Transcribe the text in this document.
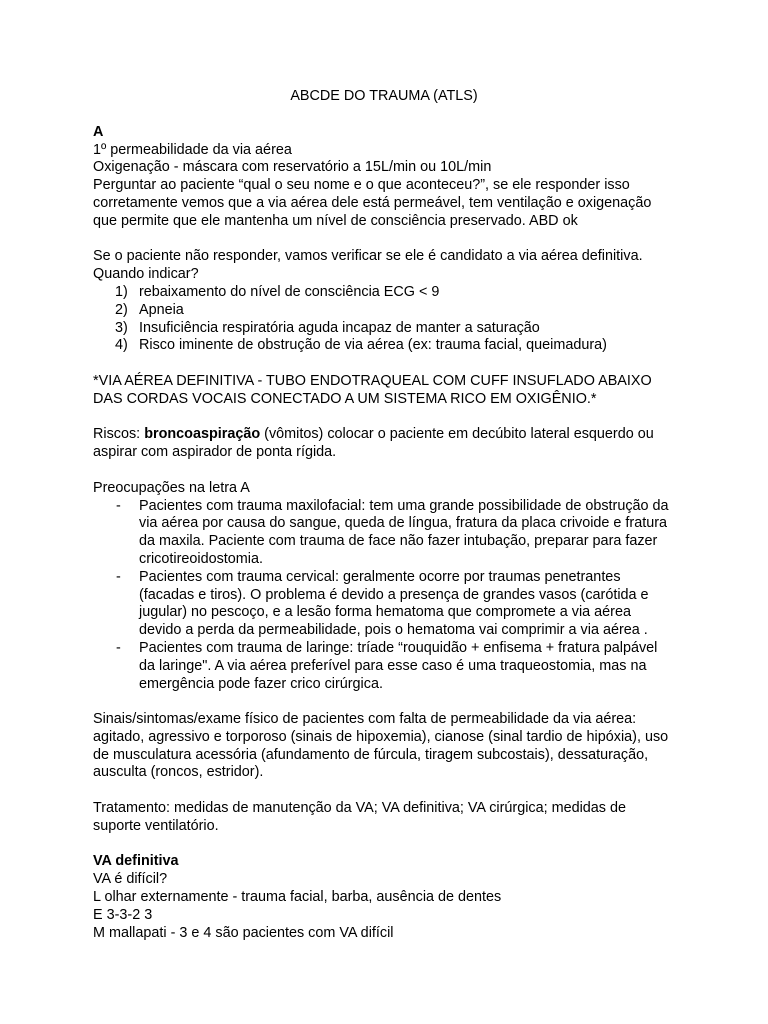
ABCDE DO TRAUMA (ATLS)

A

1º permeabilidade da via aérea

Oxigenação - máscara com reservatório a 15L/min ou 10L/min

Perguntar ao paciente “qual o seu nome e o que aconteceu?”, se ele responder isso corretamente vemos que a via aérea dele está permeável, tem ventilação e oxigenação que permite que ele mantenha um nível de consciência preservado. ABD ok

Se o paciente não responder, vamos verificar se ele é candidato a via aérea definitiva. Quando indicar?

1) rebaixamento do nível de consciência ECG < 9
2) Apneia
3) Insuficiência respiratória aguda incapaz de manter a saturação
4) Risco iminente de obstrução de via aérea (ex: trauma facial, queimadura)

*VIA AÉREA DEFINITIVA - TUBO ENDOTRAQUEAL COM CUFF INSUFLADO ABAIXO DAS CORDAS VOCAIS CONECTADO A UM SISTEMA RICO EM OXIGÊNIO.*

Riscos: broncoaspiração (vômitos) colocar o paciente em decúbito lateral esquerdo ou aspirar com aspirador de ponta rígida.

Preocupações na letra A

- Pacientes com trauma maxilofacial: tem uma grande possibilidade de obstrução da via aérea por causa do sangue, queda de língua, fratura da placa crivoide e fratura da maxila. Paciente com trauma de face não fazer intubação, preparar para fazer cricotireoidostomia.
- Pacientes com trauma cervical: geralmente ocorre por traumas penetrantes (facadas e tiros). O problema é devido a presença de grandes vasos (carótida e jugular) no pescoço, e a lesão forma hematoma que compromete a via aérea devido a perda da permeabilidade, pois o hematoma vai comprimir a via aérea .
- Pacientes com trauma de laringe: tríade “rouquidão + enfisema + fratura palpável da laringe". A via aérea preferível para esse caso é uma traqueostomia, mas na emergência pode fazer crico cirúrgica.

Sinais/sintomas/exame físico de pacientes com falta de permeabilidade da via aérea: agitado, agressivo e torporoso (sinais de hipoxemia), cianose (sinal tardio de hipóxia), uso de musculatura acessória (afundamento de fúrcula, tiragem subcostais), dessaturação, ausculta (roncos, estridor).

Tratamento: medidas de manutenção da VA; VA definitiva; VA cirúrgica; medidas de suporte ventilatório.

VA definitiva

VA é difícil?

L olhar externamente - trauma facial, barba, ausência de dentes

E 3-3-2 3

M mallapati - 3 e 4 são pacientes com VA difícil
